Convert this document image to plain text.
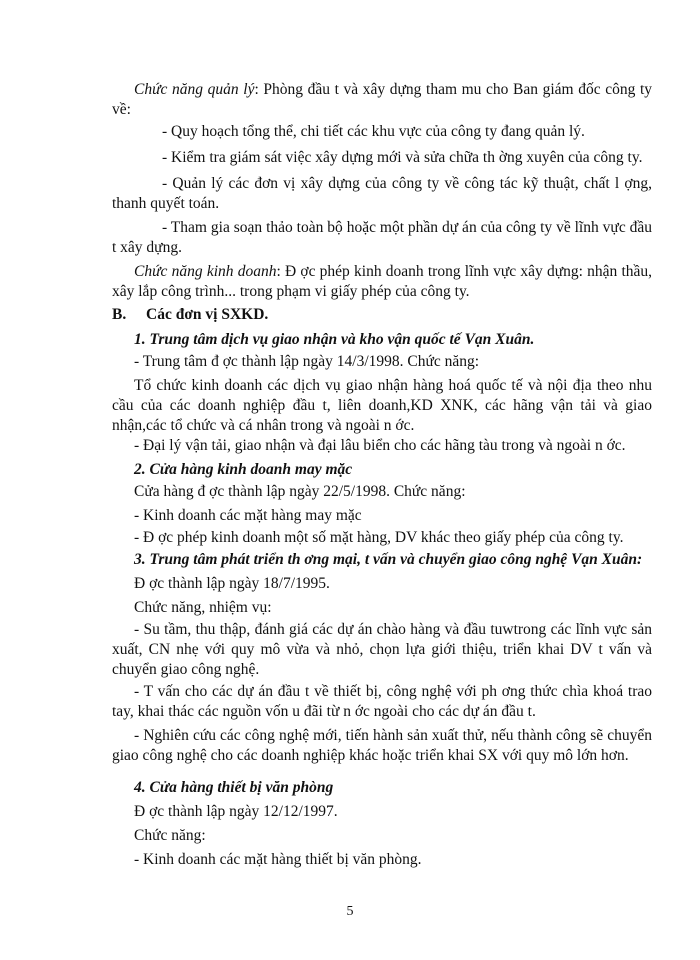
Chức năng quản lý: Phòng đầu t và xây dựng tham mu cho Ban giám đốc công ty về:

- Quy hoạch tổng thể, chi tiết các khu vực của công ty đang quản lý.

- Kiểm tra giám sát việc xây dựng mới và sửa chữa th ờng xuyên của công ty.

- Quản lý các đơn vị xây dựng của công ty về công tác kỹ thuật, chất l ợng, thanh quyết toán.

- Tham gia soạn thảo toàn bộ hoặc một phần dự án của công ty về lĩnh vực đầu t xây dựng.

Chức năng kinh doanh: Đ ợc phép kinh doanh trong lĩnh vực xây dựng: nhận thầu, xây lắp công trình... trong phạm vi giấy phép của công ty.

B. Các đơn vị SXKD.

1. Trung tâm dịch vụ giao nhận và kho vận quốc tế Vạn Xuân.

- Trung tâm đ ợc thành lập ngày 14/3/1998. Chức năng:

Tổ chức kinh doanh các dịch vụ giao nhận hàng hoá quốc tế và nội địa theo nhu cầu của các doanh nghiệp đầu t, liên doanh,KD XNK, các hãng vận tải và giao nhận,các tổ chức và cá nhân trong và ngoài n ớc.

- Đại lý vận tải, giao nhận và đại lâu biển cho các hãng tàu trong và ngoài n ớc.

2. Cửa hàng kinh doanh may mặc

Cửa hàng đ ợc thành lập ngày 22/5/1998. Chức năng:

- Kinh doanh các mặt hàng may mặc

- Đ ợc phép kinh doanh một số mặt hàng, DV khác theo giấy phép của công ty.

3. Trung tâm phát triển th ơng mại, t vấn và chuyển giao công nghệ Vạn Xuân:

Đ ợc thành lập ngày 18/7/1995.

Chức năng, nhiệm vụ:

- Su tầm, thu thập, đánh giá các dự án chào hàng và đầu tuwtrong các lĩnh vực sản xuất, CN nhẹ với quy mô vừa và nhỏ, chọn lựa giới thiệu, triển khai DV t vấn và chuyển giao công nghệ.

- T vấn cho các dự án đầu t về thiết bị, công nghệ với ph ơng thức chìa khoá trao tay, khai thác các nguồn vốn u đãi từ n ớc ngoài cho các dự án đầu t.

- Nghiên cứu các công nghệ mới, tiến hành sản xuất thử, nếu thành công sẽ chuyển giao công nghệ cho các doanh nghiệp khác hoặc triển khai SX với quy mô lớn hơn.

4. Cửa hàng thiết bị văn phòng

Đ ợc thành lập ngày 12/12/1997.

Chức năng:

- Kinh doanh các mặt hàng thiết bị văn phòng.

5
